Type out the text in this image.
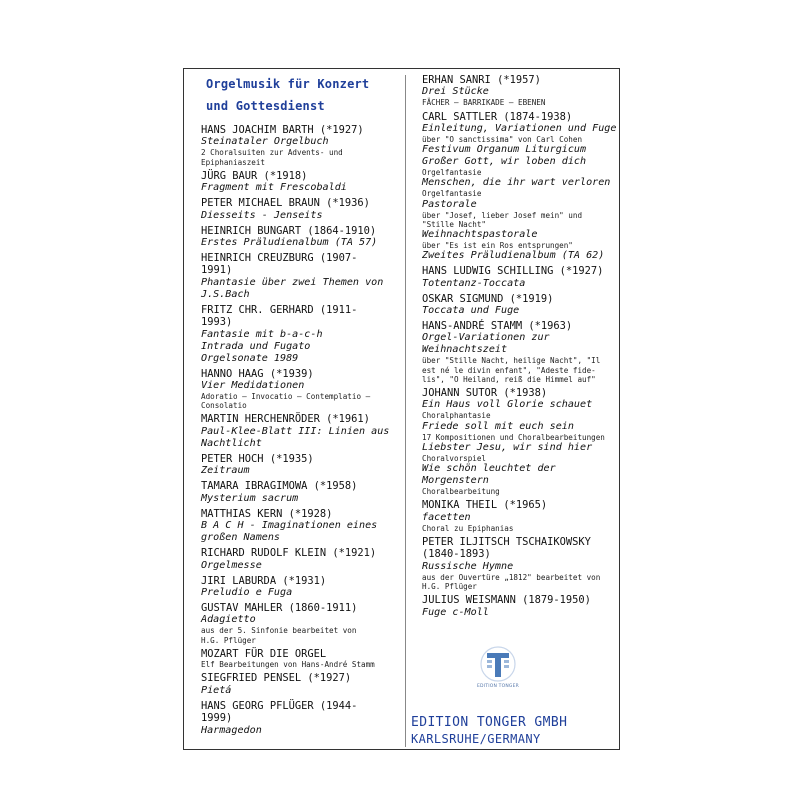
Orgelmusik für Konzert
und Gottesdienst
HANS JOACHIM BARTH (*1927)
Steinataler Orgelbuch
2 Choralsuiten zur Advents- und
Epiphaniaszeit
JÜRG BAUR (*1918)
Fragment mit Frescobaldi
PETER MICHAEL BRAUN (*1936)
Diesseits - Jenseits
HEINRICH BUNGART (1864-1910)
Erstes Präludienalbum (TA 57)
HEINRICH CREUZBURG (1907-
1991)
Phantasie über zwei Themen von
J.S.Bach
FRITZ CHR. GERHARD (1911-
1993)
Fantasie mit b-a-c-h
Intrada und Fugato
Orgelsonate 1989
HANNO HAAG (*1939)
Vier Medidationen
Adoratio – Invocatio – Contemplatio –
Consolatio
MARTIN HERCHENRÖDER (*1961)
Paul-Klee-Blatt III: Linien aus
Nachtlicht
PETER HOCH (*1935)
Zeitraum
TAMARA IBRAGIMOWA (*1958)
Mysterium sacrum
MATTHIAS KERN (*1928)
B A C H - Imaginationen eines
großen Namens
RICHARD RUDOLF KLEIN (*1921)
Orgelmesse
JIRI LABURDA (*1931)
Preludio e Fuga
GUSTAV MAHLER (1860-1911)
Adagietto
aus der 5. Sinfonie bearbeitet von
H.G. Pflüger
MOZART FÜR DIE ORGEL
Elf Bearbeitungen von Hans-André Stamm
SIEGFRIED PENSEL (*1927)
Pietá
HANS GEORG PFLÜGER (1944-
1999)
Harmagedon
ERHAN SANRI (*1957)
Drei Stücke
FÄCHER – BARRIKADE – EBENEN
CARL SATTLER (1874-1938)
Einleitung, Variationen und Fuge
über "O sanctissima" von Carl Cohen
Festivum Organum Liturgicum
Großer Gott, wir loben dich
Orgelfantasie
Menschen, die ihr wart verloren
Orgelfantasie
Pastorale
über "Josef, lieber Josef mein" und
"Stille Nacht"
Weihnachtspastorale
über "Es ist ein Ros entsprungen"
Zweites Präludienalbum (TA 62)
HANS LUDWIG SCHILLING (*1927)
Totentanz-Toccata
OSKAR SIGMUND (*1919)
Toccata und Fuge
HANS-ANDRÉ STAMM (*1963)
Orgel-Variationen zur
Weihnachtszeit
über "Stille Nacht, heilige Nacht", "Il
est né le divin enfant", "Adeste fide-
lis", "O Heiland, reiß die Himmel auf"
JOHANN SUTOR (*1938)
Ein Haus voll Glorie schauet
Choralphantasie
Friede soll mit euch sein
17 Kompositionen und Choralbearbeitungen
Liebster Jesu, wir sind hier
Choralvorspiel
Wie schön leuchtet der
Morgenstern
Choralbearbeitung
MONIKA THEIL (*1965)
facetten
Choral zu Epiphanias
PETER ILJITSCH TSCHAIKOWSKY
(1840-1893)
Russische Hymne
aus der Ouvertüre „1812" bearbeitet von
H.G. Pflüger
JULIUS WEISMANN (1879-1950)
Fuge c-Moll
EDITION TONGER
EDITION TONGER GMBH
KARLSRUHE/GERMANY
